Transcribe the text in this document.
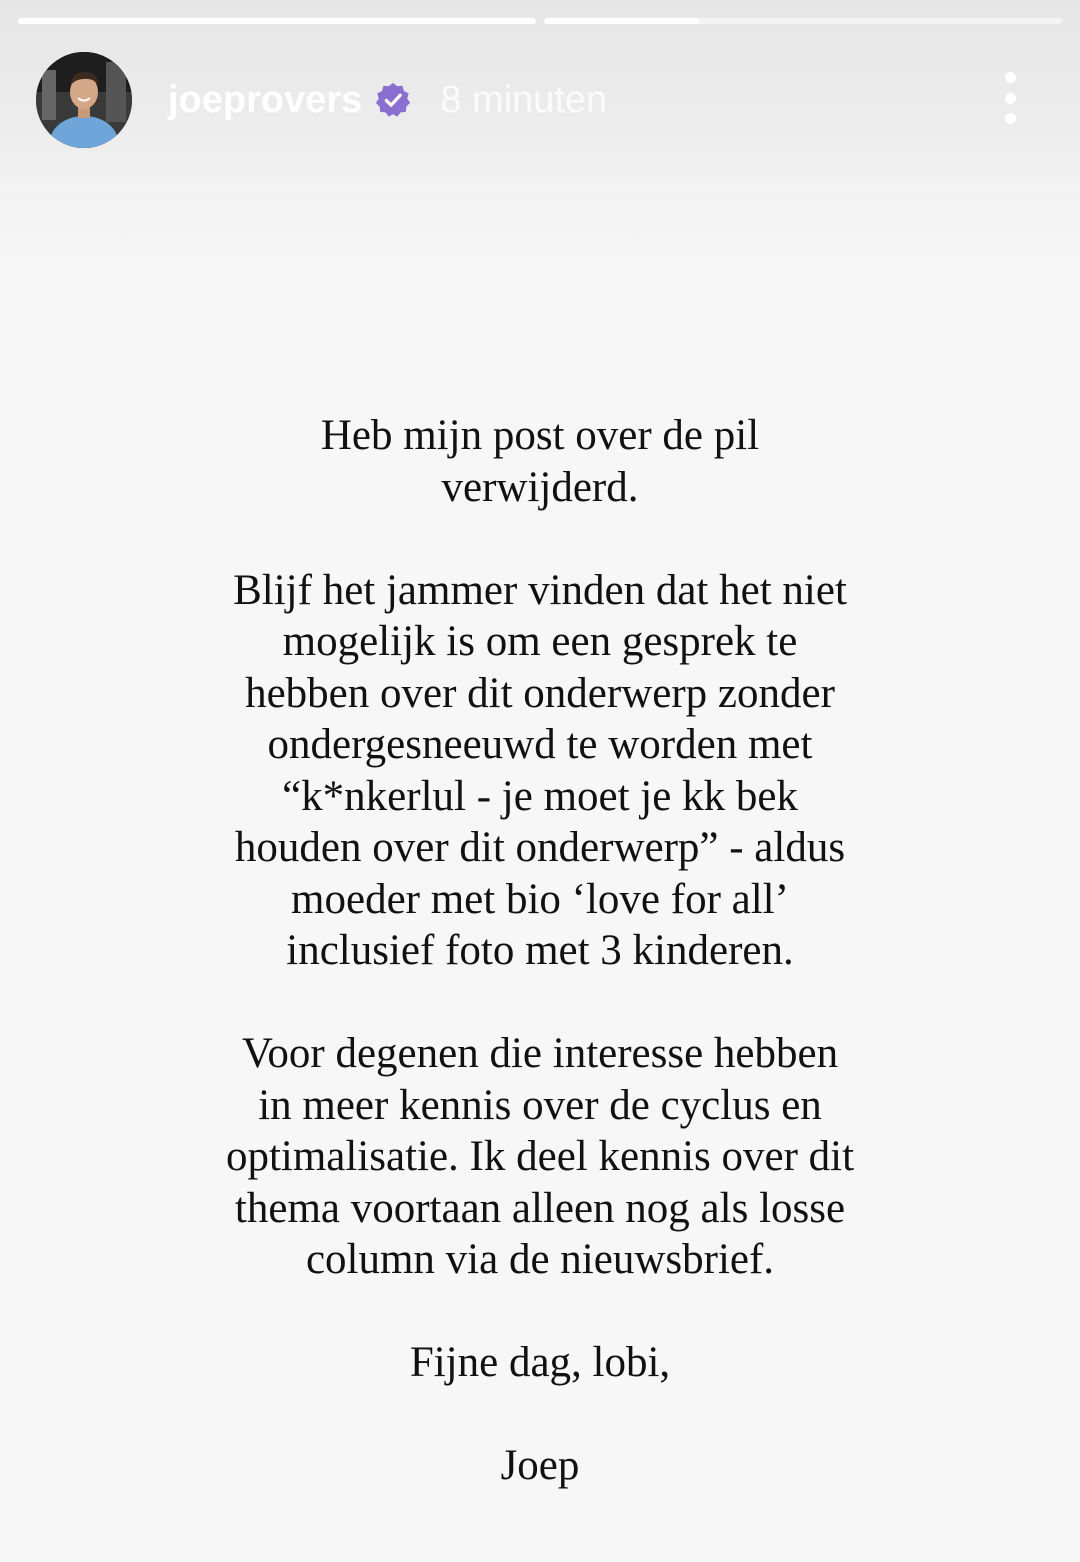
joeprovers 8 minuten

Heb mijn post over de pil
verwijderd.

Blijf het jammer vinden dat het niet
mogelijk is om een gesprek te
hebben over dit onderwerp zonder
ondergesneeuwd te worden met
“k*nkerlul - je moet je kk bek
houden over dit onderwerp” - aldus
moeder met bio ‘love for all’
inclusief foto met 3 kinderen.

Voor degenen die interesse hebben
in meer kennis over de cyclus en
optimalisatie. Ik deel kennis over dit
thema voortaan alleen nog als losse
column via de nieuwsbrief.

Fijne dag, lobi,

Joep
